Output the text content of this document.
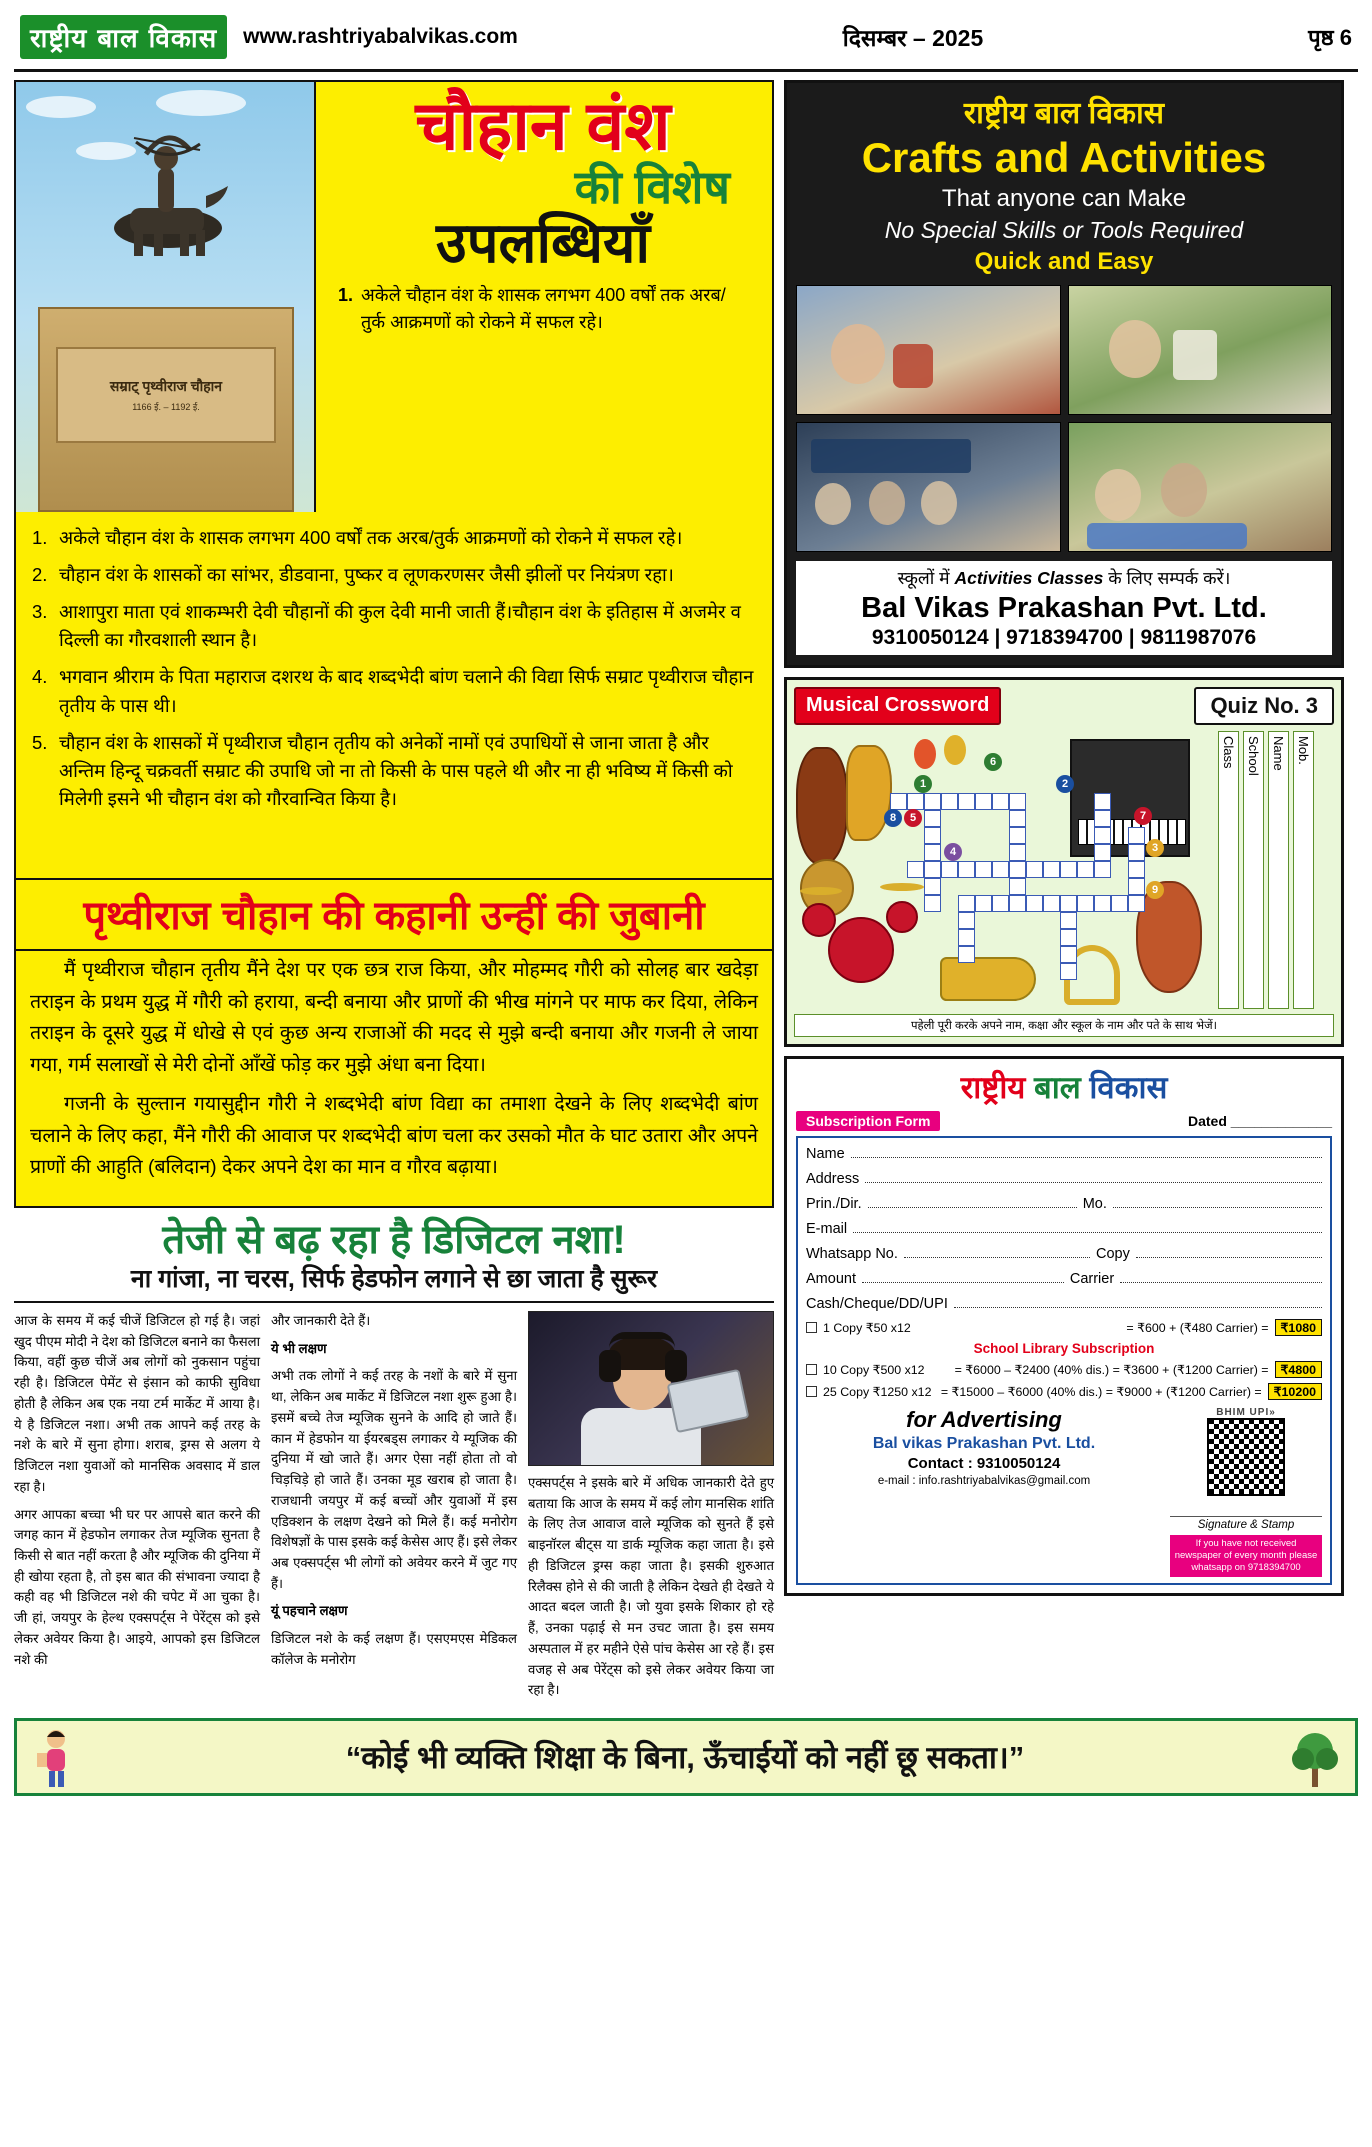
राष्ट्रीय बाल विकास	www.rashtriyabalvikas.com	दिसम्बर – 2025	पृष्ठ 6
सम्राट् पृथ्वीराज चौहान
1166 ई. – 1192 ई.
चौहान वंश
की विशेष
उपलब्धियाँ
1. अकेले चौहान वंश के शासक लगभग 400 वर्षों तक अरब/तुर्क आक्रमणों को रोकने में सफल रहे।
1. अकेले चौहान वंश के शासक लगभग 400 वर्षों तक अरब/तुर्क आक्रमणों को रोकने में सफल रहे।
2. चौहान वंश के शासकों का सांभर, डीडवाना, पुष्कर व लूणकरणसर जैसी झीलों पर नियंत्रण रहा।
3. आशापुरा माता एवं शाकम्भरी देवी चौहानों की कुल देवी मानी जाती हैं।चौहान वंश के इतिहास में अजमेर व दिल्ली का गौरवशाली स्थान है।
4. भगवान श्रीराम के पिता महाराज दशरथ के बाद शब्दभेदी बांण चलाने की विद्या सिर्फ सम्राट पृथ्वीराज चौहान तृतीय के पास थी।
5. चौहान वंश के शासकों में पृथ्वीराज चौहान तृतीय को अनेकों नामों एवं उपाधियों से जाना जाता है और अन्तिम हिन्दू चक्रवर्ती सम्राट की उपाधि जो ना तो किसी के पास पहले थी और ना ही भविष्य में किसी को मिलेगी इसने भी चौहान वंश को गौरवान्वित किया है।
पृथ्वीराज चौहान की कहानी उन्हीं की जुबानी

मैं पृथ्वीराज चौहान तृतीय मैंने देश पर एक छत्र राज किया, और मोहम्मद गौरी को सोलह बार खदेड़ा तराइन के प्रथम युद्ध में गौरी को हराया, बन्दी बनाया और प्राणों की भीख मांगने पर माफ कर दिया, लेकिन तराइन के दूसरे युद्ध में धोखे से एवं कुछ अन्य राजाओं की मदद से मुझे बन्दी बनाया और गजनी ले जाया गया, गर्म सलाखों से मेरी दोनों आँखें फोड़ कर मुझे अंधा बना दिया।

गजनी के सुल्तान गयासुद्दीन गौरी ने शब्दभेदी बांण विद्या का तमाशा देखने के लिए शब्दभेदी बांण चलाने के लिए कहा, मैंने गौरी की आवाज पर शब्दभेदी बांण चला कर उसको मौत के घाट उतारा और अपने प्राणों की आहुति (बलिदान) देकर अपने देश का मान व गौरव बढ़ाया।

तेजी से बढ़ रहा है डिजिटल नशा!
ना गांजा, ना चरस, सिर्फ हेडफोन लगाने से छा जाता है सुरूर

आज के समय में कई चीजें डिजिटल हो गई है। जहां खुद पीएम मोदी ने देश को डिजिटल बनाने का फैसला किया, वहीं कुछ चीजें अब लोगों को नुकसान पहुंचा रही है। डिजिटल पेमेंट से इंसान को काफी सुविधा होती है लेकिन अब एक नया टर्म मार्केट में आया है। ये है डिजिटल नशा। अभी तक आपने कई तरह के नशे के बारे में सुना होगा। शराब, ड्रग्स से अलग ये डिजिटल नशा युवाओं को मानसिक अवसाद में डाल रहा है।

अगर आपका बच्चा भी घर पर आपसे बात करने की जगह कान में हेडफोन लगाकर तेज म्यूजिक सुनता है किसी से बात नहीं करता है और म्यूजिक की दुनिया में ही खोया रहता है, तो इस बात की संभावना ज्यादा है कही वह भी डिजिटल नशे की चपेट में आ चुका है। जी हां, जयपुर के हेल्थ एक्सपर्ट्स ने पेरेंट्स को इसे लेकर अवेयर किया है। आइये, आपको इस डिजिटल नशे की

और जानकारी देते हैं।

ये भी लक्षण

अभी तक लोगों ने कई तरह के नशों के बारे में सुना था, लेकिन अब मार्केट में डिजिटल नशा शुरू हुआ है। इसमें बच्चे तेज म्यूजिक सुनने के आदि हो जाते हैं। कान में हेडफोन या ईयरबड्स लगाकर ये म्यूजिक की दुनिया में खो जाते हैं। अगर ऐसा नहीं होता तो वो चिड़चिड़े हो जाते हैं। उनका मूड खराब हो जाता है। राजधानी जयपुर में कई बच्चों और युवाओं में इस एडिक्शन के लक्षण देखने को मिले हैं। कई मनोरोग विशेषज्ञों के पास इसके कई केसेस आए हैं। इसे लेकर अब एक्सपर्ट्स भी लोगों को अवेयर करने में जुट गए हैं।

यूं पहचाने लक्षण

डिजिटल नशे के कई लक्षण हैं। एसएमएस मेडिकल कॉलेज के मनोरोग

एक्सपर्ट्स ने इसके बारे में अधिक जानकारी देते हुए बताया कि आज के समय में कई लोग मानसिक शांति के लिए तेज आवाज वाले म्यूजिक को सुनते हैं इसे बाइनॉरल बीट्स या डार्क म्यूजिक कहा जाता है। इसे ही डिजिटल ड्रग्स कहा जाता है। इसकी शुरुआत रिलैक्स होने से की जाती है लेकिन देखते ही देखते ये आदत बदल जाती है। जो युवा इसके शिकार हो रहे हैं, उनका पढ़ाई से मन उचट जाता है। इस समय अस्पताल में हर महीने ऐसे पांच केसेस आ रहे हैं। इस वजह से अब पेरेंट्स को इसे लेकर अवेयर किया जा रहा है।

राष्ट्रीय बाल विकास
Crafts and Activities
That anyone can Make
No Special Skills or Tools Required
Quick and Easy
स्कूलों में Activities Classes के लिए सम्पर्क करें।
Bal Vikas Prakashan Pvt. Ltd.
9310050124 | 9718394700 | 9811987076
Musical Crossword	Quiz No. 3
1	2
3
4
5
6
7
8
9
Class School Name Mob.
पहेली पूरी करके अपने नाम, कक्षा और स्कूल के नाम और पते के साथ भेजें।
राष्ट्रीय बाल विकास
Subscription Form	Dated _____________
Name
Address
Prin./Dir.	Mo.
E-mail
Whatsapp No.	Copy
Amount	Carrier
Cash/Cheque/DD/UPI
1 Copy ₹50 x12	= ₹600 + (₹480 Carrier) = ₹1080
School Library Subscription
10 Copy ₹500 x12	= ₹6000 – ₹2400 (40% dis.) = ₹3600 + (₹1200 Carrier) = ₹4800
25 Copy ₹1250 x12 = ₹15000 – ₹6000 (40% dis.) = ₹9000 + (₹1200 Carrier) = ₹10200
for Advertising
Bal vikas Prakashan Pvt. Ltd.
Contact : 9310050124
e-mail : info.rashtriyabalvikas@gmail.com
BHIM UPI»
Signature & Stamp
If you have not received newspaper of every month please whatsapp on 9718394700
“कोई भी व्यक्ति शिक्षा के बिना, ऊँचाईयों को नहीं छू सकता।”
